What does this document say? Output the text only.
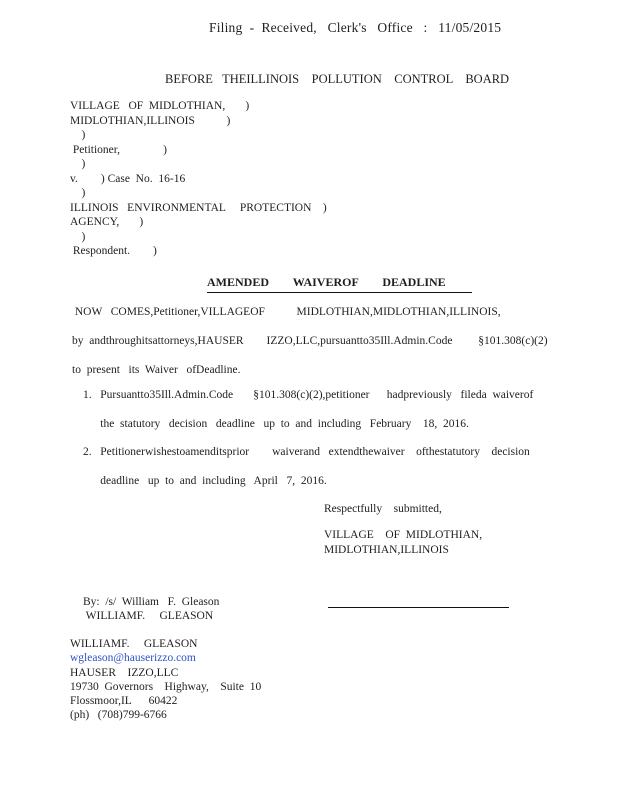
Filing  -  Received,   Clerk's   Office   :   11/05/2015
BEFORE   THEILLINOIS    POLLUTION    CONTROL    BOARD
VILLAGE   OF  MIDLOTHIAN,       )
MIDLOTHIAN,ILLINOIS           )
)
Petitioner,               )
)
v.        ) Case  No.  16-16
)
ILLINOIS   ENVIRONMENTAL     PROTECTION    )
AGENCY,       )
)
Respondent.        )
AMENDED        WAIVEROF        DEADLINE
NOW   COMES,Petitioner,VILLAGEOF           MIDLOTHIAN,MIDLOTHIAN,ILLINOIS,
by  andthroughitsattorneys,HAUSER        IZZO,LLC,pursuantto35Ill.Admin.Code         §101.308(c)(2)
to  present   its  Waiver   ofDeadline.
1.   Pursuantto35Ill.Admin.Code       §101.308(c)(2),petitioner      hadpreviously   fileda  waiverof
the  statutory   decision   deadline   up  to  and  including   February    18,  2016.
2.   Petitionerwishestoamenditsprior        waiverand   extendthewaiver    ofthestatutory    decision
deadline   up  to  and  including   April   7,  2016.
Respectfully    submitted,
VILLAGE    OF  MIDLOTHIAN,
MIDLOTHIAN,ILLINOIS
By:  /s/  William   F.  Gleason
WILLIAMF.     GLEASON
WILLIAMF.     GLEASON
wgleason@hauserizzo.com
HAUSER    IZZO,LLC
19730  Governors    Highway,    Suite  10
Flossmoor,IL      60422
(ph)   (708)799-6766
